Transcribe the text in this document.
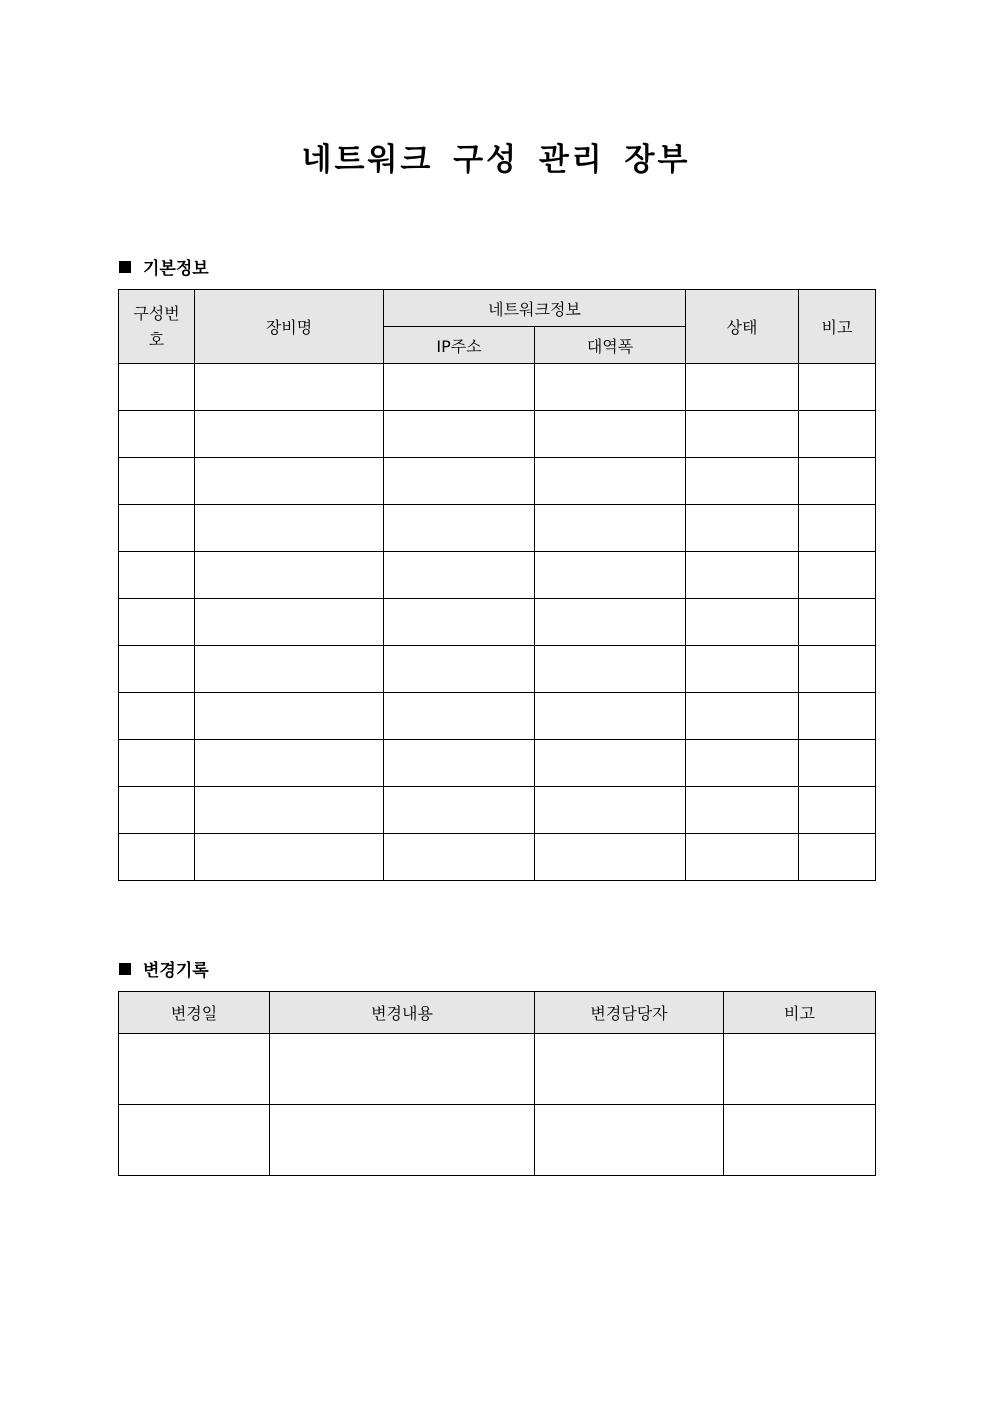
네트워크 구성 관리 장부
기본정보
구성번호	장비명	네트워크정보		상태	비고
		IP주소	대역폭		

변경기록
변경일	변경내용	변경담당자	비고
